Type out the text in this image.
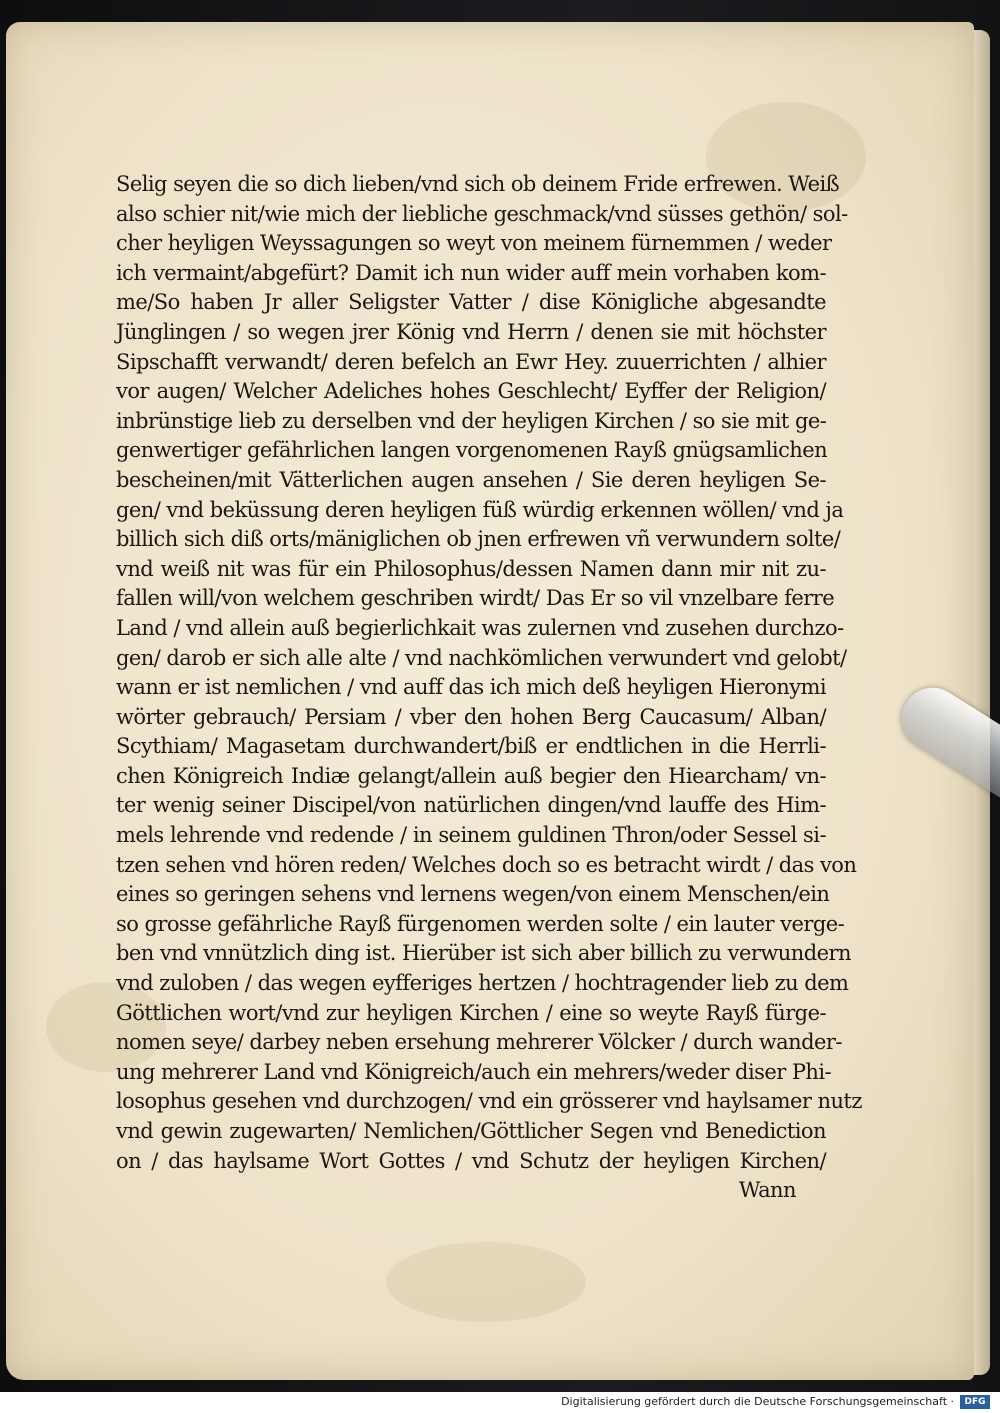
Selig seyen die so dich lieben/vnd sich ob deinem Fride erfrewen. Weiß
also schier nit/wie mich der liebliche geschmack/vnd süsses gethön/ sol-
cher heyligen Weyssagungen so weyt von meinem fürnemmen / weder
ich vermaint/abgefürt? Damit ich nun wider auff mein vorhaben kom-
me/So haben Jr aller Seligster Vatter / dise Königliche abgesandte
Jünglingen / so wegen jrer König vnd Herrn / denen sie mit höchster
Sipschafft verwandt/ deren befelch an Ewr Hey. zuuerrichten / alhier
vor augen/ Welcher Adeliches hohes Geschlecht/ Eyffer der Religion/
inbrünstige lieb zu derselben vnd der heyligen Kirchen / so sie mit ge-
genwertiger gefährlichen langen vorgenomenen Rayß gnügsamlichen
bescheinen/mit Vätterlichen augen ansehen / Sie deren heyligen Se-
gen/ vnd beküssung deren heyligen füß würdig erkennen wöllen/ vnd ja
billich sich diß orts/mäniglichen ob jnen erfrewen vñ verwundern solte/
vnd weiß nit was für ein Philosophus/dessen Namen dann mir nit zu-
fallen will/von welchem geschriben wirdt/ Das Er so vil vnzelbare ferre
Land / vnd allein auß begierlichkait was zulernen vnd zusehen durchzo-
gen/ darob er sich alle alte / vnd nachkömlichen verwundert vnd gelobt/
wann er ist nemlichen / vnd auff das ich mich deß heyligen Hieronymi
wörter gebrauch/ Persiam / vber den hohen Berg Caucasum/ Alban/
Scythiam/ Magasetam durchwandert/biß er endtlichen in die Herrli-
chen Königreich Indiæ gelangt/allein auß begier den Hiearcham/ vn-
ter wenig seiner Discipel/von natürlichen dingen/vnd lauffe des Him-
mels lehrende vnd redende / in seinem guldinen Thron/oder Sessel si-
tzen sehen vnd hören reden/ Welches doch so es betracht wirdt / das von
eines so geringen sehens vnd lernens wegen/von einem Menschen/ein
so grosse gefährliche Rayß fürgenomen werden solte / ein lauter verge-
ben vnd vnnützlich ding ist. Hierüber ist sich aber billich zu verwundern
vnd zuloben / das wegen eyfferiges hertzen / hochtragender lieb zu dem
Göttlichen wort/vnd zur heyligen Kirchen / eine so weyte Rayß fürge-
nomen seye/ darbey neben ersehung mehrerer Völcker / durch wander-
ung mehrerer Land vnd Königreich/auch ein mehrers/weder diser Phi-
losophus gesehen vnd durchzogen/ vnd ein grösserer vnd haylsamer nutz
vnd gewin zugewarten/ Nemlichen/Göttlicher Segen vnd Benediction
on / das haylsame Wort Gottes / vnd Schutz der heyligen Kirchen/
Wann
Digitalisierung gefördert durch die Deutsche Forschungsgemeinschaft ·	DFG
